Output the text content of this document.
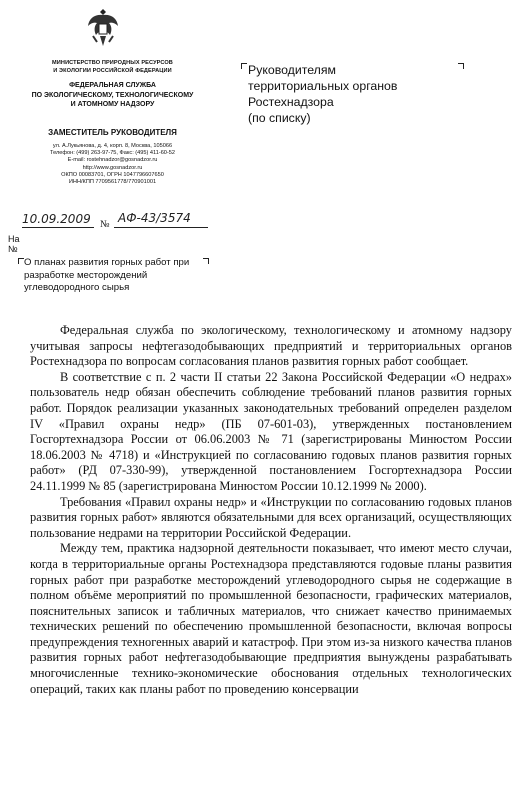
МИНИСТЕРСТВО ПРИРОДНЫХ РЕСУРСОВ
И ЭКОЛОГИИ РОССИЙСКОЙ ФЕДЕРАЦИИ
ФЕДЕРАЛЬНАЯ СЛУЖБА
ПО ЭКОЛОГИЧЕСКОМУ, ТЕХНОЛОГИЧЕСКОМУ
И АТОМНОМУ НАДЗОРУ
ЗАМЕСТИТЕЛЬ РУКОВОДИТЕЛЯ
ул. А.Лукьянова, д. 4, корп. 8, Москва, 105066
Телефон: (499) 263-97-75, Факс: (495) 411-60-52
E-mail: rostehnadzor@gosnadzor.ru
http://www.gosnadzor.ru
ОКПО 00083701, ОГРН 1047796607650
ИНН/КПП 7709561778/770901001
10.09.2009 № АФ-43/3574
На
№
О планах развития горных работ при
разработке месторождений
углеводородного сырья
Руководителям
территориальных органов
Ростехнадзора
(по списку)

Федеральная служба по экологическому, технологическому и атомному надзору учитывая запросы нефтегазодобывающих предприятий и территориальных органов Ростехнадзора по вопросам согласования планов развития горных работ сообщает.

В соответствие с п. 2 части II статьи 22 Закона Российской Федерации «О недрах» пользователь недр обязан обеспечить соблюдение требований планов развития горных работ. Порядок реализации указанных законодательных требований определен разделом IV «Правил охраны недр» (ПБ 07-601-03), утвержденных постановлением Госгортехнадзора России от 06.06.2003 № 71 (зарегистрированы Минюстом России 18.06.2003 № 4718) и «Инструкцией по согласованию годовых планов развития горных работ» (РД 07-330-99), утвержденной постановлением Госгортехнадзора России 24.11.1999 № 85 (зарегистрирована Минюстом России 10.12.1999 № 2000).

Требования «Правил охраны недр» и «Инструкции по согласованию годовых планов развития горных работ» являются обязательными для всех организаций, осуществляющих пользование недрами на территории Российской Федерации.

Между тем, практика надзорной деятельности показывает, что имеют место случаи, когда в территориальные органы Ростехнадзора представляются годовые планы развития горных работ при разработке месторождений углеводородного сырья не содержащие в полном объёме мероприятий по промышленной безопасности, графических материалов, пояснительных записок и табличных материалов, что снижает качество принимаемых технических решений по обеспечению промышленной безопасности, включая вопросы предупреждения техногенных аварий и катастроф. При этом из-за низкого качества планов развития горных работ нефтегазодобывающие предприятия вынуждены разрабатывать многочисленные технико-экономические обоснования отдельных технологических операций, таких как планы работ по проведению консервации
